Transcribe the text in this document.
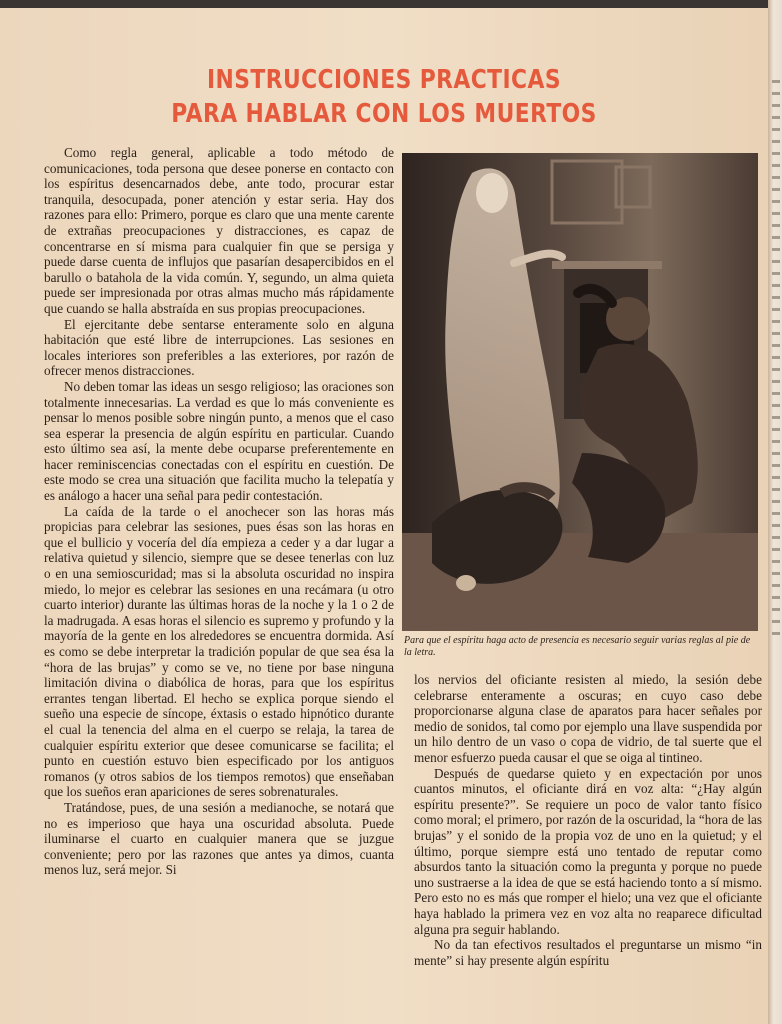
INSTRUCCIONES PRACTICAS
PARA HABLAR CON LOS MUERTOS

Como regla general, aplicable a todo método de comunicaciones, toda persona que desee ponerse en contacto con los espíritus desencarnados debe, ante todo, procurar estar tranquila, desocupada, poner atención y estar seria. Hay dos razones para ello: Primero, porque es claro que una mente carente de extrañas preocupaciones y distracciones, es capaz de concentrarse en sí misma para cualquier fin que se persiga y puede darse cuenta de influjos que pasarían desapercibidos en el barullo o batahola de la vida común. Y, segundo, un alma quieta puede ser impresionada por otras almas mucho más rápidamente que cuando se halla abstraída en sus propias preocupaciones.

El ejercitante debe sentarse enteramente solo en alguna habitación que esté libre de interrupciones. Las sesiones en locales interiores son preferibles a las exteriores, por razón de ofrecer menos distracciones.

No deben tomar las ideas un sesgo religioso; las oraciones son totalmente innecesarias. La verdad es que lo más conveniente es pensar lo menos posible sobre ningún punto, a menos que el caso sea esperar la presencia de algún espíritu en particular. Cuando esto último sea así, la mente debe ocuparse preferentemente en hacer reminiscencias conectadas con el espíritu en cuestión. De este modo se crea una situación que facilita mucho la telepatía y es análogo a hacer una señal para pedir contestación.

La caída de la tarde o el anochecer son las horas más propicias para celebrar las sesiones, pues ésas son las horas en que el bullicio y vocería del día empieza a ceder y a dar lugar a relativa quietud y silencio, siempre que se desee tenerlas con luz o en una semioscuridad; mas si la absoluta oscuridad no inspira miedo, lo mejor es celebrar las sesiones en una recámara (u otro cuarto interior) durante las últimas horas de la noche y la 1 o 2 de la madrugada. A esas horas el silencio es supremo y profundo y la mayoría de la gente en los alrededores se encuentra dormida. Así es como se debe interpretar la tradición popular de que sea ésa la “hora de las brujas” y como se ve, no tiene por base ninguna limitación divina o diabólica de horas, para que los espíritus errantes tengan libertad. El hecho se explica porque siendo el sueño una especie de síncope, éxtasis o estado hipnótico durante el cual la tenencia del alma en el cuerpo se relaja, la tarea de cualquier espíritu exterior que desee comunicarse se facilita; el punto en cuestión estuvo bien especificado por los antiguos romanos (y otros sabios de los tiempos remotos) que enseñaban que los sueños eran apariciones de seres sobrenaturales.

Tratándose, pues, de una sesión a medianoche, se notará que no es imperioso que haya una oscuridad absoluta. Puede iluminarse el cuarto en cualquier manera que se juzgue conveniente; pero por las razones que antes ya dimos, cuanta menos luz, será mejor. Si

Para que el espíritu haga acto de presencia es necesario seguir varias reglas al pie de la letra.

los nervios del oficiante resisten al miedo, la sesión debe celebrarse enteramente a oscuras; en cuyo caso debe proporcionarse alguna clase de aparatos para hacer señales por medio de sonidos, tal como por ejemplo una llave suspendida por un hilo dentro de un vaso o copa de vidrio, de tal suerte que el menor esfuerzo pueda causar el que se oiga al tintineo.

Después de quedarse quieto y en expectación por unos cuantos minutos, el oficiante dirá en voz alta: “¿Hay algún espíritu presente?”. Se requiere un poco de valor tanto físico como moral; el primero, por razón de la oscuridad, la “hora de las brujas” y el sonido de la propia voz de uno en la quietud; y el último, porque siempre está uno tentado de reputar como absurdos tanto la situación como la pregunta y porque no puede uno sustraerse a la idea de que se está haciendo tonto a sí mismo. Pero esto no es más que romper el hielo; una vez que el oficiante haya hablado la primera vez en voz alta no reaparece dificultad alguna pra seguir hablando.

No da tan efectivos resultados el preguntarse un mismo “in mente” si hay presente algún espíritu
